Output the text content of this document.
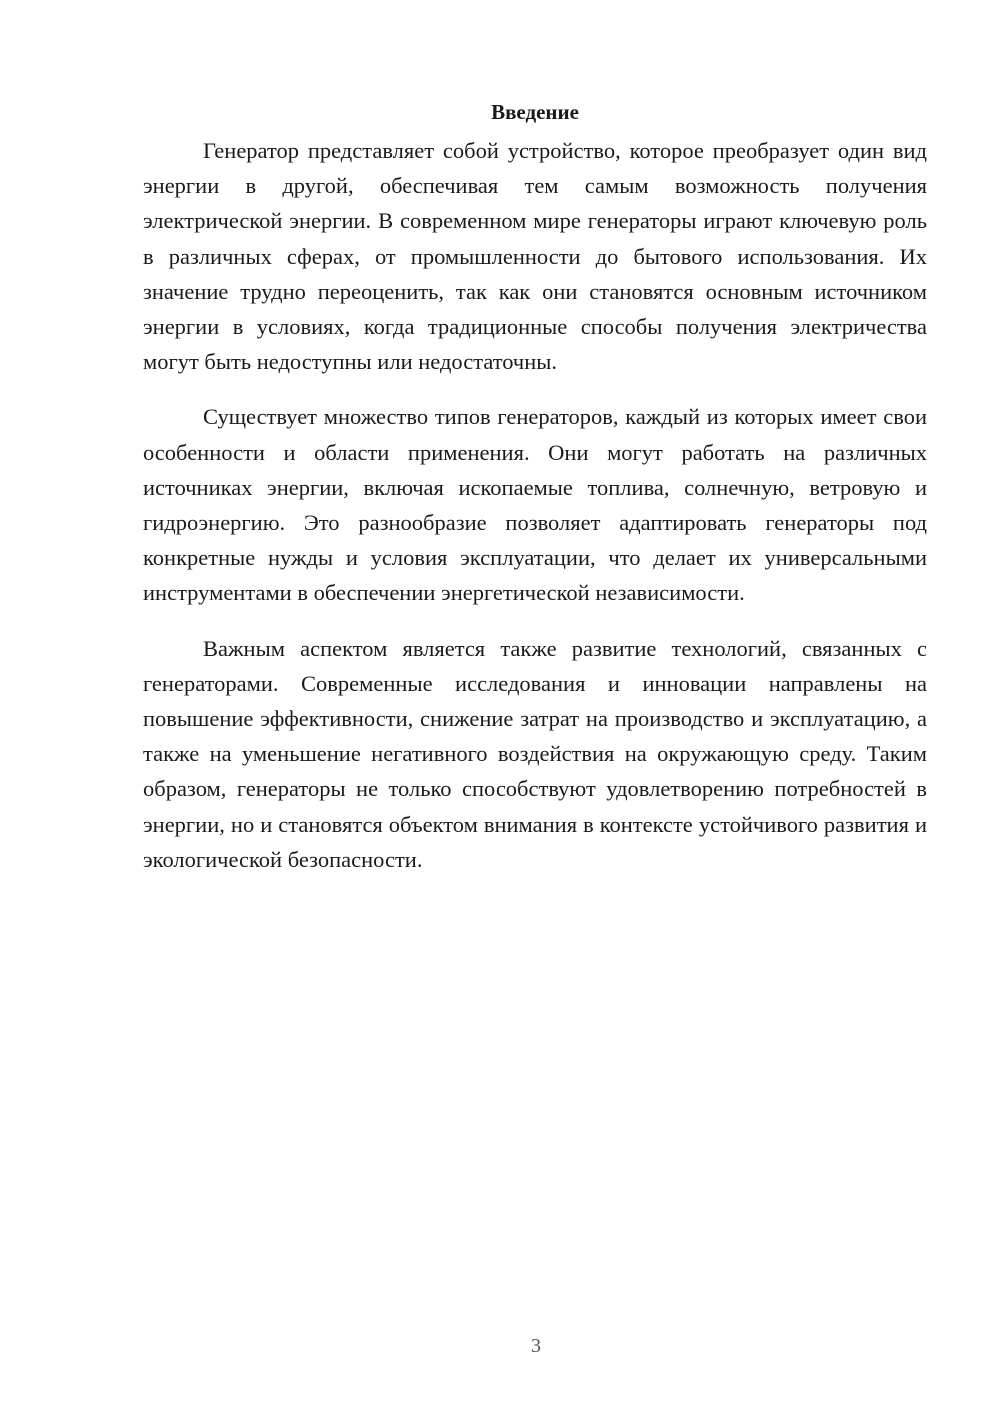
Введение

Генератор представляет собой устройство, которое преобразует один вид энергии в другой, обеспечивая тем самым возможность получения электрической энергии. В современном мире генераторы играют ключевую роль в различных сферах, от промышленности до бытового использования. Их значение трудно переоценить, так как они становятся основным источником энергии в условиях, когда традиционные способы получения электричества могут быть недоступны или недостаточны.

Существует множество типов генераторов, каждый из которых имеет свои особенности и области применения. Они могут работать на различных источниках энергии, включая ископаемые топлива, солнечную, ветровую и гидроэнергию. Это разнообразие позволяет адаптировать генераторы под конкретные нужды и условия эксплуатации, что делает их универсальными инструментами в обеспечении энергетической независимости.

Важным аспектом является также развитие технологий, связанных с генераторами. Современные исследования и инновации направлены на повышение эффективности, снижение затрат на производство и эксплуатацию, а также на уменьшение негативного воздействия на окружающую среду. Таким образом, генераторы не только способствуют удовлетворению потребностей в энергии, но и становятся объектом внимания в контексте устойчивого развития и экологической безопасности.

3
